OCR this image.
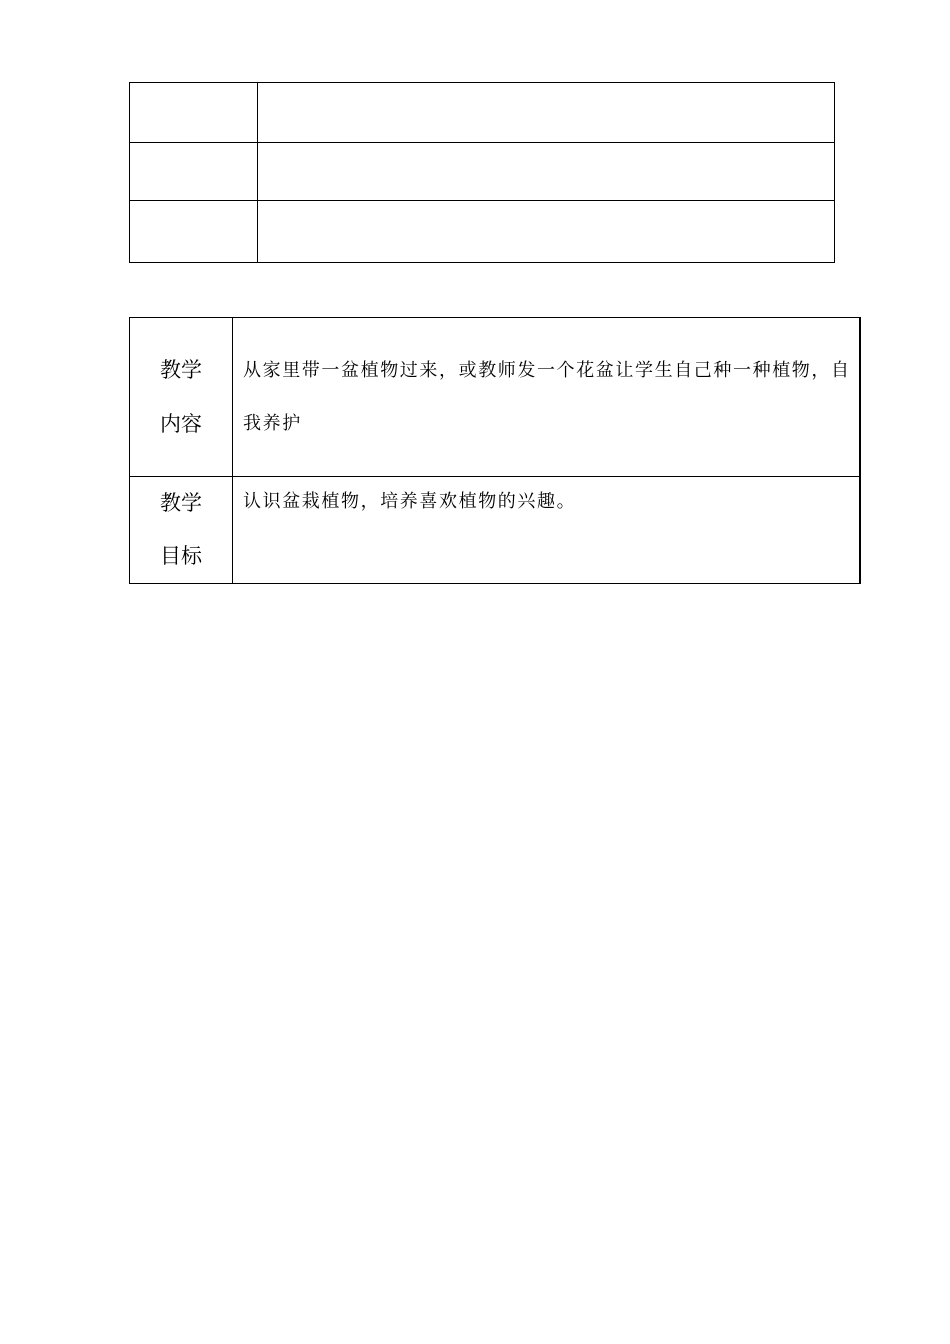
教学
内容	从家里带一盆植物过来，或教师发一个花盆让学生自己种一种植物，自我养护

教学
目标	认识盆栽植物，培养喜欢植物的兴趣。
